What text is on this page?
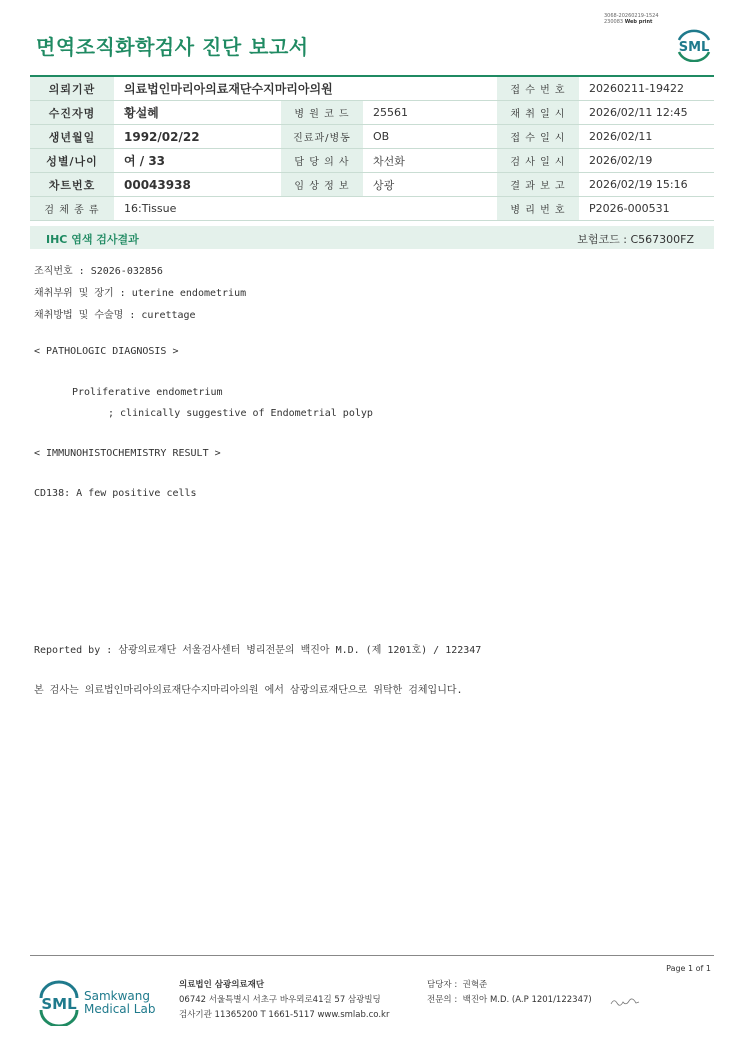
면역조직화학검사 진단 보고서
3068-20260219-1524
230083 Web print
SML
의뢰기관	의료법인마리아의료재단수지마리아의원			접 수 번 호	20260211-19422
수진자명	황설혜	병 원 코 드	25561	채 취 일 시	2026/02/11 12:45
생년월일	1992/02/22	진료과/병동	OB	접 수 일 시	2026/02/11
성별/나이	여 / 33	담 당 의 사	차선화	검 사 일 시	2026/02/19
차트번호	00043938	임 상 정 보	상광	결 과 보 고	2026/02/19 15:16
검 체 종 류	16:Tissue			병 리 번 호	P2026-000531
IHC 염색 검사결과	보험코드 : C567300FZ
조직번호 : S2026-032856
채취부위 및 장기 : uterine endometrium
채취방법 및 수술명 : curettage
< PATHOLOGIC DIAGNOSIS >
Proliferative endometrium
; clinically suggestive of Endometrial polyp
< IMMUNOHISTOCHEMISTRY RESULT >
CD138: A few positive cells
Reported by : 삼광의료재단 서울검사센터 병리전문의 백진아 M.D. (제 1201호) / 122347
본 검사는 의료법인마리아의료재단수지마리아의원 에서 삼광의료재단으로 위탁한 검체입니다.
Page 1 of 1
SML Samkwang
Medical Lab
의료법인 삼광의료재단
06742 서울특별시 서초구 바우뫼로41길 57 삼광빌딩
검사기관 11365200 T 1661-5117 www.smlab.co.kr
담당자 : 권혁준
전문의 : 백진아 M.D. (A.P 1201/122347)
